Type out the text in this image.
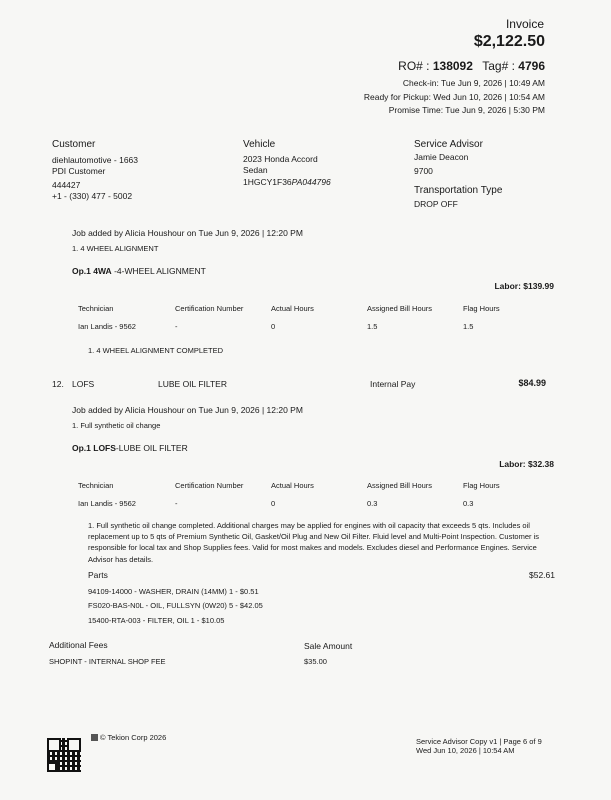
Invoice
$2,122.50
RO# : 138092 Tag# : 4796
Check-in: Tue Jun 9, 2026 | 10:49 AM
Ready for Pickup: Wed Jun 10, 2026 | 10:54 AM
Promise Time: Tue Jun 9, 2026 | 5:30 PM
Customer
diehlautomotive - 1663
PDI Customer
444427
+1 - (330) 477 - 5002
Vehicle
2023 Honda Accord
Sedan
1HGCY1F36PA044796
Service Advisor
Jamie Deacon
9700
Transportation Type
DROP OFF
Job added by Alicia Houshour on Tue Jun 9, 2026 | 12:20 PM
1. 4 WHEEL ALIGNMENT
Op.1 4WA -4-WHEEL ALIGNMENT
Labor: $139.99
Technician	Certification Number	Actual Hours	Assigned Bill Hours	Flag Hours
Ian Landis - 9562	-	0	1.5	1.5
1. 4 WHEEL ALIGNMENT COMPLETED
12. LOFS	LUBE OIL FILTER	Internal Pay	$84.99
Job added by Alicia Houshour on Tue Jun 9, 2026 | 12:20 PM
1. Full synthetic oil change
Op.1 LOFS-LUBE OIL FILTER
Labor: $32.38
Technician	Certification Number	Actual Hours	Assigned Bill Hours	Flag Hours
Ian Landis - 9562	-	0	0.3	0.3
1. Full synthetic oil change completed. Additional charges may be applied for engines with oil capacity that exceeds 5 qts. Includes oil replacement up to 5 qts of Premium Synthetic Oil, Gasket/Oil Plug and New Oil Filter. Fluid level and Multi-Point Inspection. Customer is responsible for local tax and Shop Supplies fees. Valid for most makes and models. Excludes diesel and Performance Engines. Service Advisor has details.
Parts	$52.61
94109-14000 - WASHER, DRAIN (14MM) 1 - $0.51
FS020-BAS-N0L - OIL, FULLSYN (0W20) 5 - $42.05
15400-RTA-003 - FILTER, OIL 1 - $10.05
Additional Fees	Sale Amount
SHOPINT - INTERNAL SHOP FEE	$35.00
© Tekion Corp 2026	Service Advisor Copy v1 | Page 6 of 9
Wed Jun 10, 2026 | 10:54 AM
